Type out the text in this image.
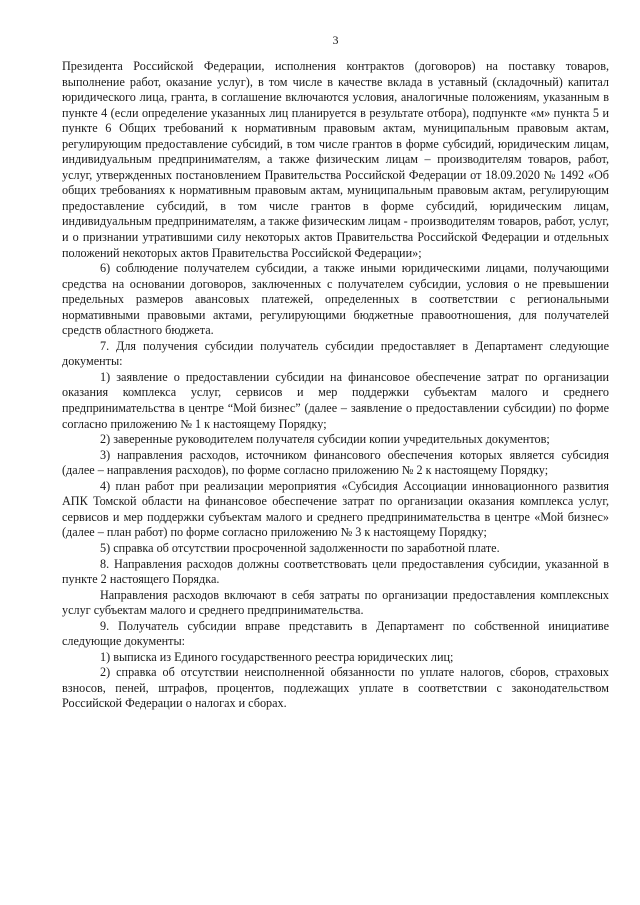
3

Президента Российской Федерации, исполнения контрактов (договоров) на поставку товаров, выполнение работ, оказание услуг), в том числе в качестве вклада в уставный (складочный) капитал юридического лица, гранта, в соглашение включаются условия, аналогичные положениям, указанным в пункте 4 (если определение указанных лиц планируется в результате отбора), подпункте «м» пункта 5 и пункте 6 Общих требований к нормативным правовым актам, муниципальным правовым актам, регулирующим предоставление субсидий, в том числе грантов в форме субсидий, юридическим лицам, индивидуальным предпринимателям, а также физическим лицам – производителям товаров, работ, услуг, утвержденных постановлением Правительства Российской Федерации от 18.09.2020 № 1492 «Об общих требованиях к нормативным правовым актам, муниципальным правовым актам, регулирующим предоставление субсидий, в том числе грантов в форме субсидий, юридическим лицам, индивидуальным предпринимателям, а также физическим лицам - производителям товаров, работ, услуг, и о признании утратившими силу некоторых актов Правительства Российской Федерации и отдельных положений некоторых актов Правительства Российской Федерации»;

6) соблюдение получателем субсидии, а также иными юридическими лицами, получающими средства на основании договоров, заключенных с получателем субсидии, условия о не превышении предельных размеров авансовых платежей, определенных в соответствии с региональными нормативными правовыми актами, регулирующими бюджетные правоотношения, для получателей средств областного бюджета.

7. Для получения субсидии получатель субсидии предоставляет в Департамент следующие документы:

1) заявление о предоставлении субсидии на финансовое обеспечение затрат по организации оказания комплекса услуг, сервисов и мер поддержки субъектам малого и среднего предпринимательства в центре “Мой бизнес” (далее – заявление о предоставлении субсидии) по форме согласно приложению № 1 к настоящему Порядку;

2) заверенные руководителем получателя субсидии копии учредительных документов;

3) направления расходов, источником финансового обеспечения которых является субсидия (далее – направления расходов), по форме согласно приложению № 2 к настоящему Порядку;

4) план работ при реализации мероприятия «Субсидия Ассоциации инновационного развития АПК Томской области на финансовое обеспечение затрат по организации оказания комплекса услуг, сервисов и мер поддержки субъектам малого и среднего предпринимательства в центре «Мой бизнес» (далее – план работ) по форме согласно приложению № 3 к настоящему Порядку;

5) справка об отсутствии просроченной задолженности по заработной плате.

8. Направления расходов должны соответствовать цели предоставления субсидии, указанной в пункте 2 настоящего Порядка.

Направления расходов включают в себя затраты по организации предоставления комплексных услуг субъектам малого и среднего предпринимательства.

9. Получатель субсидии вправе представить в Департамент по собственной инициативе следующие документы:

1) выписка из Единого государственного реестра юридических лиц;

2) справка об отсутствии неисполненной обязанности по уплате налогов, сборов, страховых взносов, пеней, штрафов, процентов, подлежащих уплате в соответствии с законодательством Российской Федерации о налогах и сборах.
